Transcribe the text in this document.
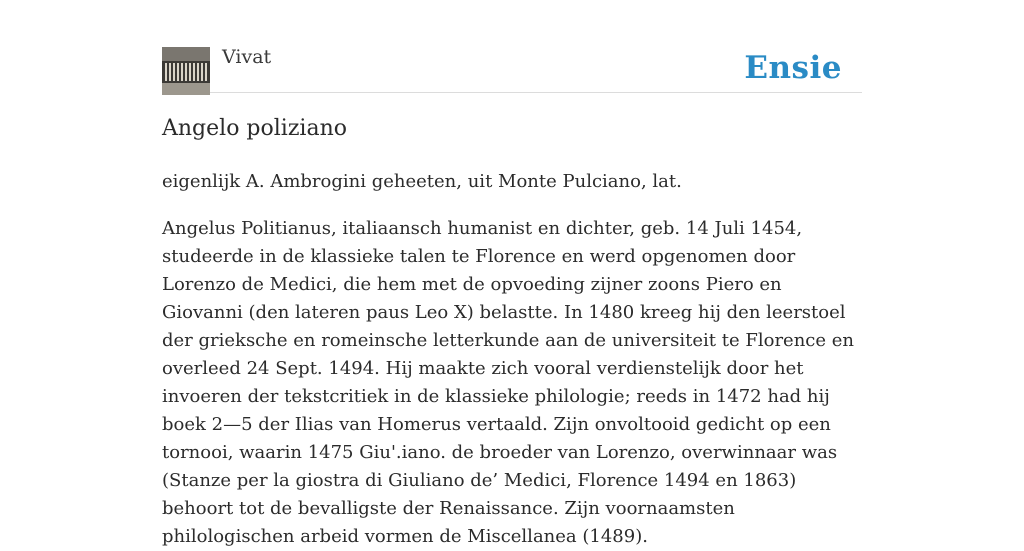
Vivat	Ensie
Angelo poliziano

eigenlijk A. Ambrogini geheeten, uit Monte Pulciano, lat.

Angelus Politianus, italiaansch humanist en dichter, geb. 14 Juli 1454, studeerde in de klassieke talen te Florence en werd opgenomen door Lorenzo de Medici, die hem met de opvoeding zijner zoons Piero en Giovanni (den lateren paus Leo X) belastte. In 1480 kreeg hij den leerstoel der grieksche en romeinsche letterkunde aan de universiteit te Florence en overleed 24 Sept. 1494. Hij maakte zich vooral verdienstelijk door het invoeren der tekstcritiek in de klassieke philologie; reeds in 1472 had hij boek 2—5 der Ilias van Homerus vertaald. Zijn onvoltooid gedicht op een tornooi, waarin 1475 Giu'.iano. de broeder van Lorenzo, overwinnaar was (Stanze per la giostra di Giuliano de’ Medici, Florence 1494 en 1863) behoort tot de bevalligste der Renaissance. Zijn voornaamsten philologischen arbeid vormen de Miscellanea (1489).
